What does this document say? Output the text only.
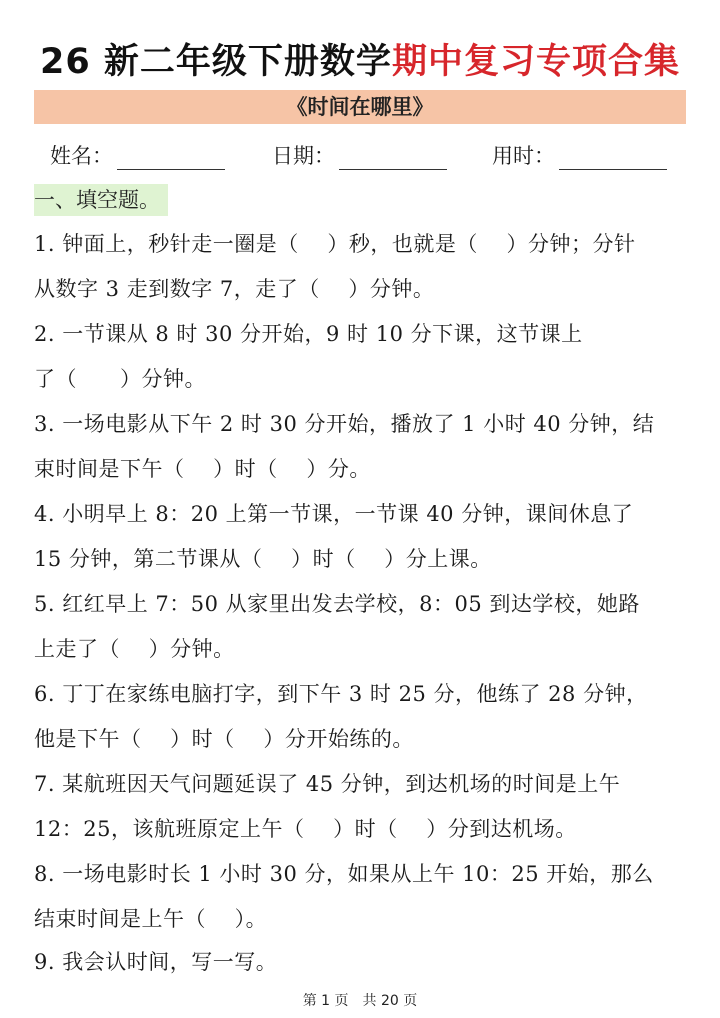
26 新二年级下册数学期中复习专项合集
《时间在哪里》
姓名：	日期：	用时：
一、填空题。
1. 钟面上，秒针走一圈是（　 ）秒，也就是（　 ）分钟；分针
从数字 3 走到数字 7，走了（　 ）分钟。
2. 一节课从 8 时 30 分开始，9 时 10 分下课，这节课上
了（　　）分钟。
3. 一场电影从下午 2 时 30 分开始，播放了 1 小时 40 分钟，结
束时间是下午（　 ）时（　 ）分。
4. 小明早上 8：20 上第一节课，一节课 40 分钟，课间休息了
15 分钟，第二节课从（　 ）时（　 ）分上课。
5. 红红早上 7：50 从家里出发去学校，8：05 到达学校，她路
上走了（　 ）分钟。
6. 丁丁在家练电脑打字，到下午 3 时 25 分，他练了 28 分钟，
他是下午（　 ）时（　 ）分开始练的。
7. 某航班因天气问题延误了 45 分钟，到达机场的时间是上午
12：25，该航班原定上午（　 ）时（　 ）分到达机场。
8. 一场电影时长 1 小时 30 分，如果从上午 10：25 开始，那么
结束时间是上午（　 ）。
9. 我会认时间，写一写。
第 1 页　共 20 页
